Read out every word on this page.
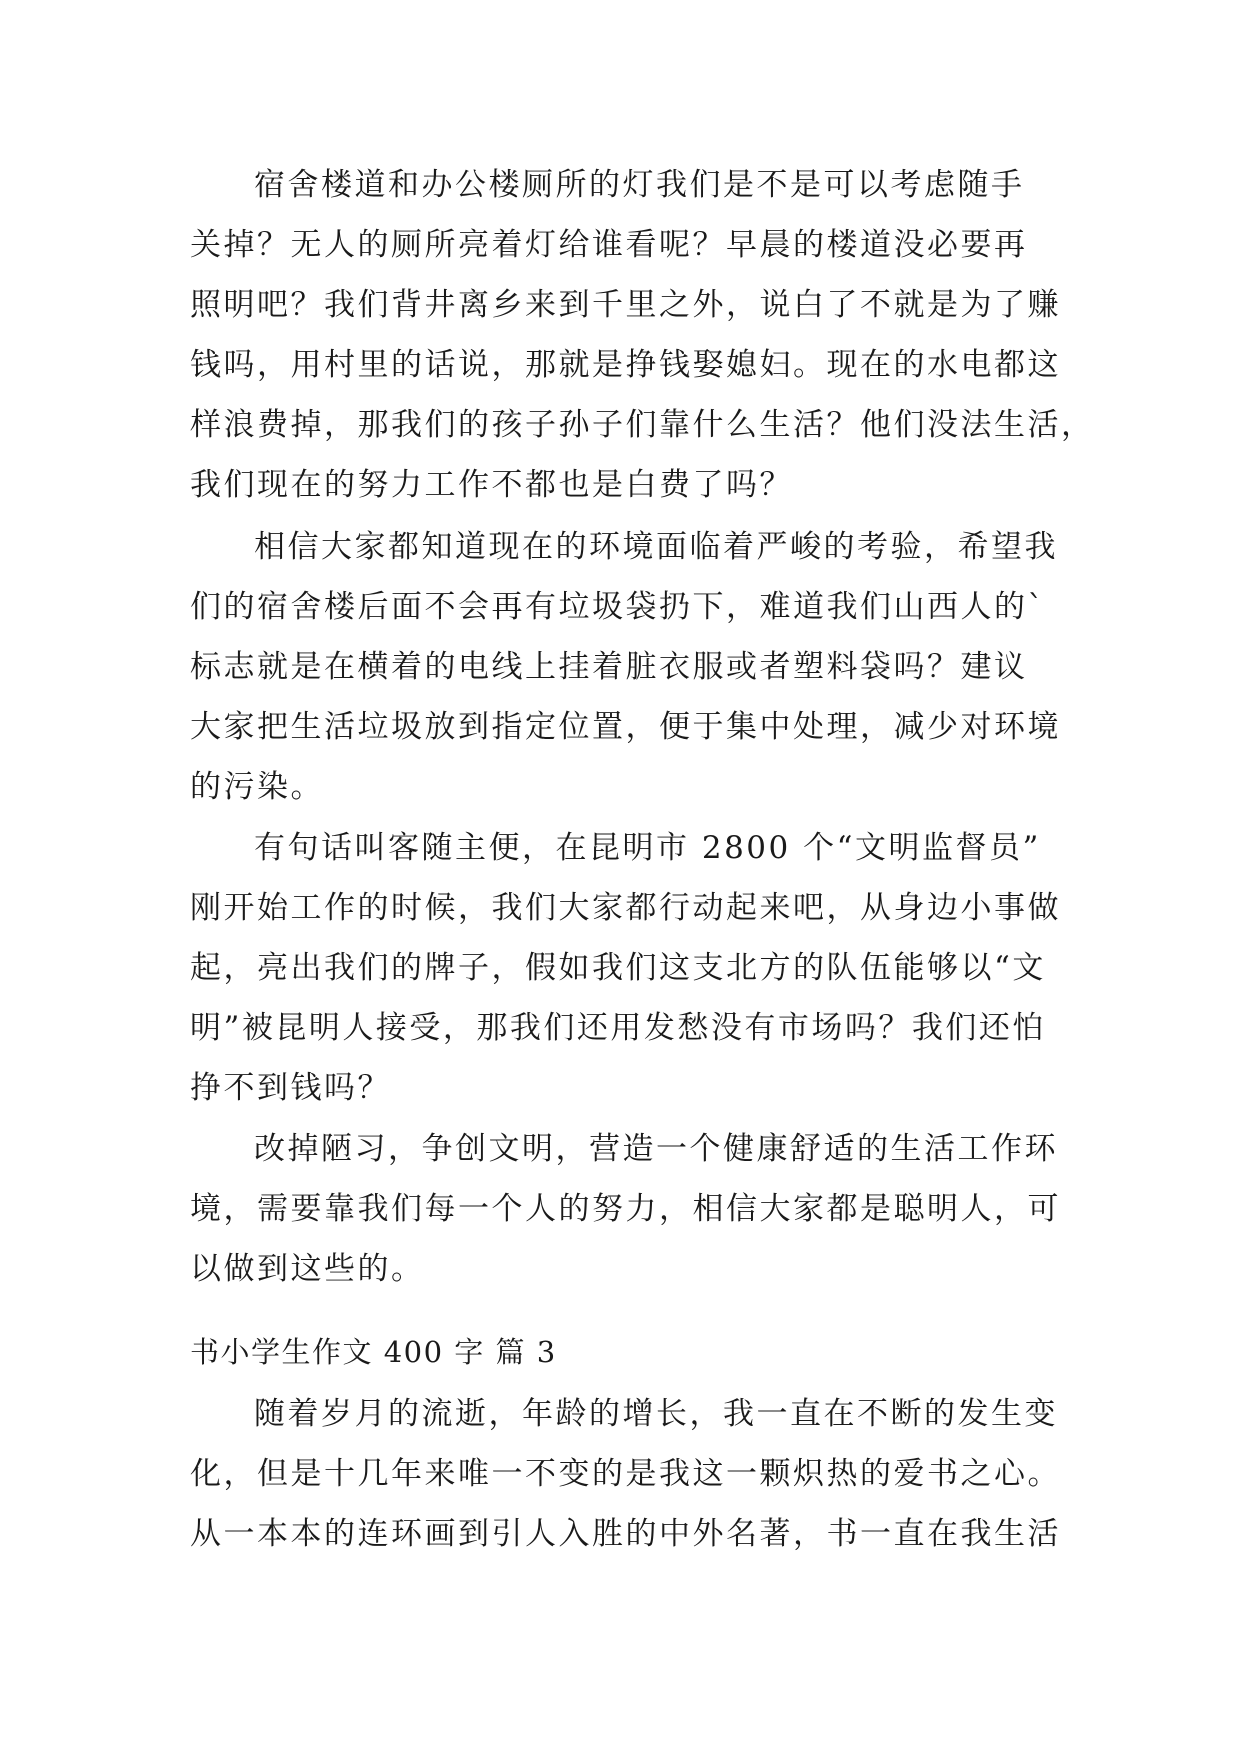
宿舍楼道和办公楼厕所的灯我们是不是可以考虑随手
关掉？无人的厕所亮着灯给谁看呢？早晨的楼道没必要再
照明吧？我们背井离乡来到千里之外，说白了不就是为了赚
钱吗，用村里的话说，那就是挣钱娶媳妇。现在的水电都这
样浪费掉，那我们的孩子孙子们靠什么生活？他们没法生活，
我们现在的努力工作不都也是白费了吗？
相信大家都知道现在的环境面临着严峻的考验，希望我
们的宿舍楼后面不会再有垃圾袋扔下，难道我们山西人的`
标志就是在横着的电线上挂着脏衣服或者塑料袋吗？建议
大家把生活垃圾放到指定位置，便于集中处理，减少对环境
的污染。
有句话叫客随主便，在昆明市 2800 个“文明监督员”
刚开始工作的时候，我们大家都行动起来吧，从身边小事做
起，亮出我们的牌子，假如我们这支北方的队伍能够以“文
明”被昆明人接受，那我们还用发愁没有市场吗？我们还怕
挣不到钱吗？
改掉陋习，争创文明，营造一个健康舒适的生活工作环
境，需要靠我们每一个人的努力，相信大家都是聪明人，可
以做到这些的。
书小学生作文 400 字 篇 3
随着岁月的流逝，年龄的增长，我一直在不断的发生变
化，但是十几年来唯一不变的是我这一颗炽热的爱书之心。
从一本本的连环画到引人入胜的中外名著，书一直在我生活
